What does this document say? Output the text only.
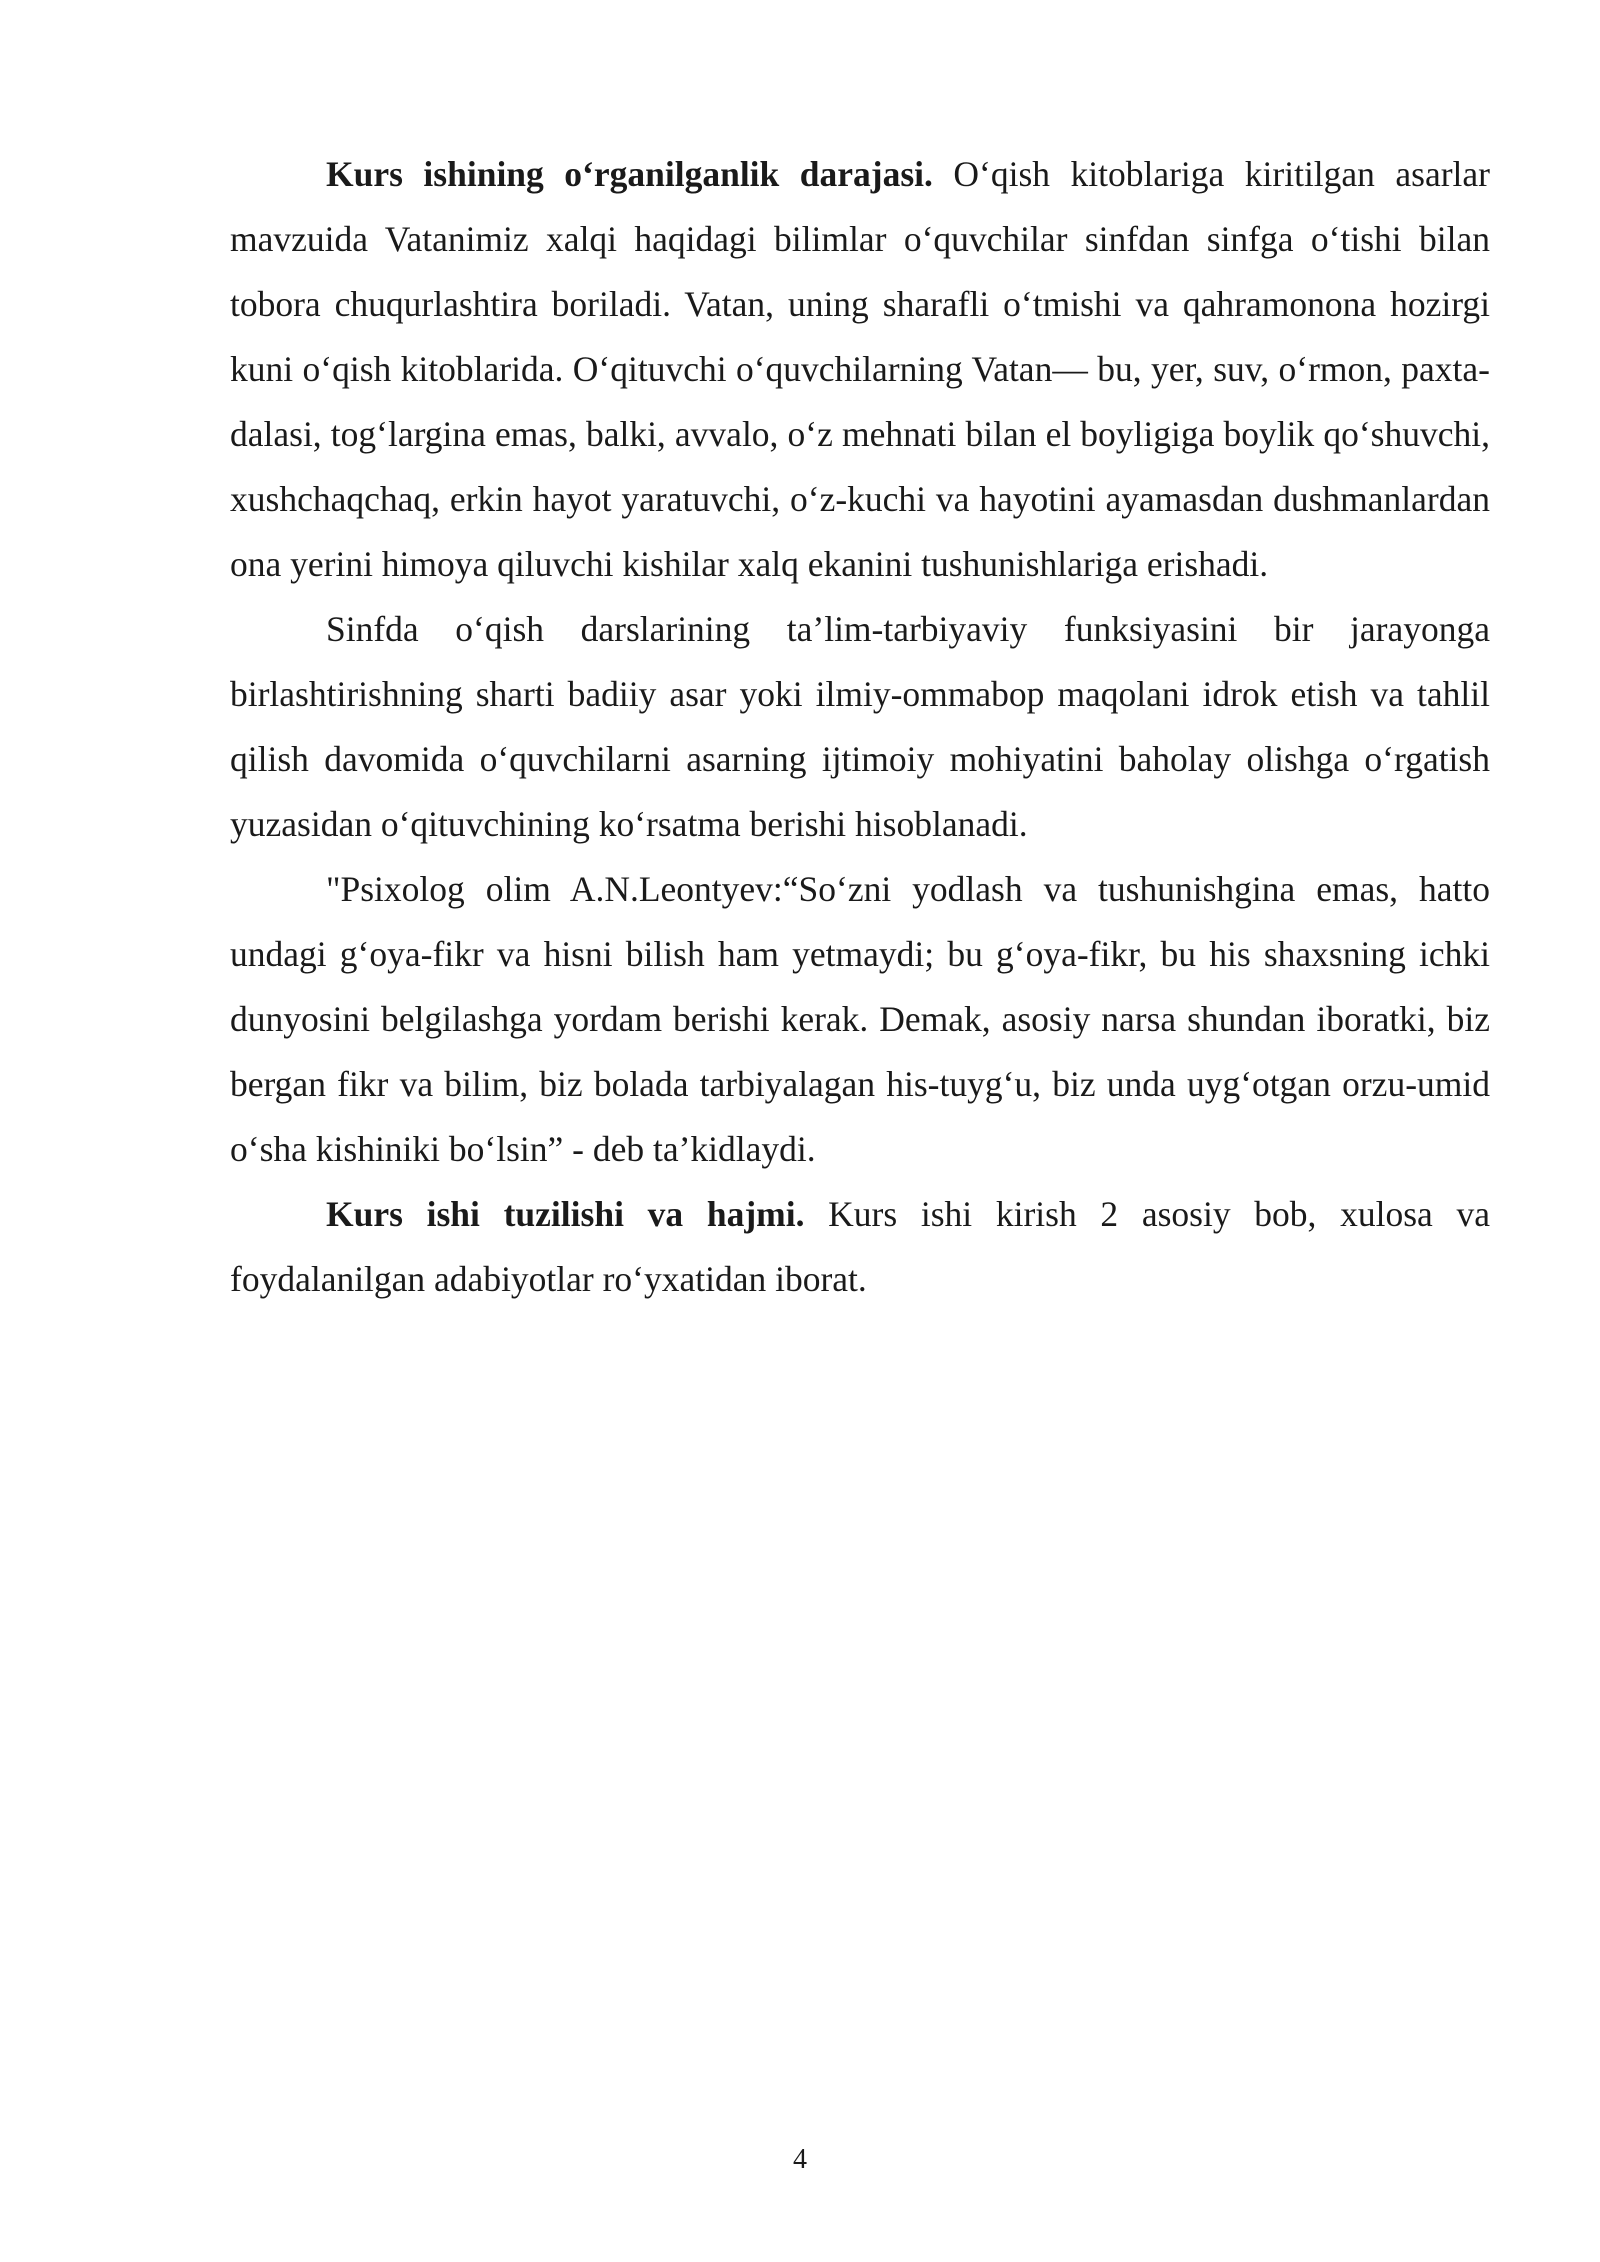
Kurs ishining o‘rganilganlik darajasi. O‘qish kitoblariga kiritilgan asarlar mavzuida Vatanimiz xalqi haqidagi bilimlar o‘quvchilar sinfdan sinfga o‘tishi bilan tobora chuqurlashtira boriladi. Vatan, uning sharafli o‘tmishi va qahramonona hozirgi kuni o‘qish kitoblarida. O‘qituvchi o‘quvchilarning Vatan— bu, yer, suv, o‘rmon, paxta-dalasi, tog‘largina emas, balki, avvalo, o‘z mehnati bilan el boyligiga boylik qo‘shuvchi, xushchaqchaq, erkin hayot yaratuvchi, o‘z-kuchi va hayotini ayamasdan dushmanlardan ona yerini himoya qiluvchi kishilar xalq ekanini tushunishlariga erishadi.

Sinfda o‘qish darslarining ta’lim-tarbiyaviy funksiyasini bir jarayonga birlashtirishning sharti badiiy asar yoki ilmiy-ommabop maqolani idrok etish va tahlil qilish davomida o‘quvchilarni asarning ijtimoiy mohiyatini baholay olishga o‘rgatish yuzasidan o‘qituvchining ko‘rsatma berishi hisoblanadi.

"Psixolog olim A.N.Leontyev:“So‘zni yodlash va tushunishgina emas, hatto undagi g‘oya-fikr va hisni bilish ham yetmaydi; bu g‘oya-fikr, bu his shaxsning ichki dunyosini belgilashga yordam berishi kerak. Demak, asosiy narsa shundan iboratki, biz bergan fikr va bilim, biz bolada tarbiyalagan his-tuyg‘u, biz unda uyg‘otgan orzu-umid o‘sha kishiniki bo‘lsin” - deb ta’kidlaydi.

Kurs ishi tuzilishi va hajmi. Kurs ishi kirish 2 asosiy bob, xulosa va foydalanilgan adabiyotlar ro‘yxatidan iborat.

4
